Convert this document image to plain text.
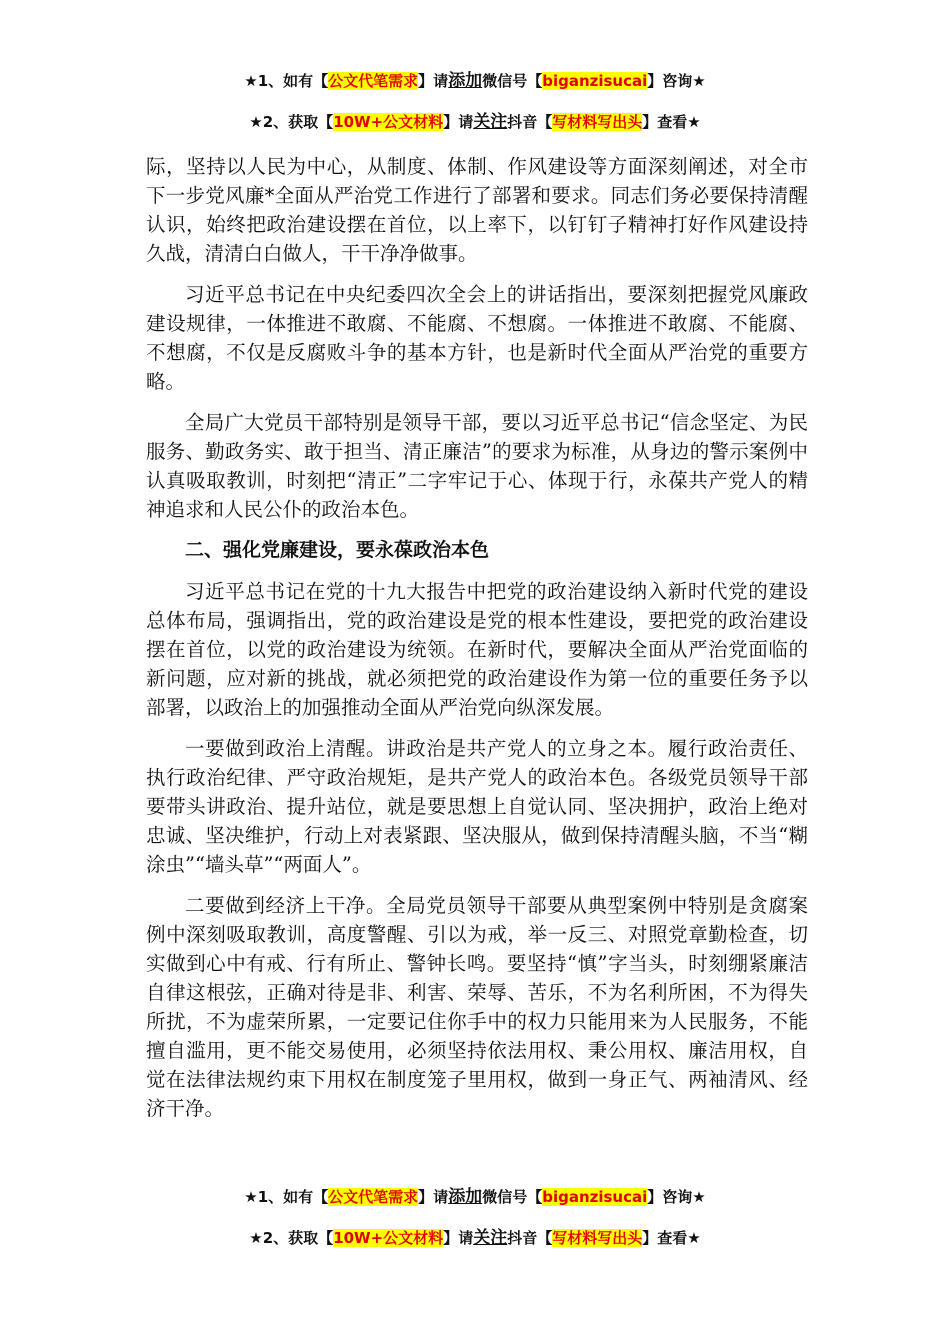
★1、如有【公文代笔需求】请添加微信号【biganzisucai】咨询★
★2、获取【10W+公文材料】请关注抖音【写材料写出头】查看★

际，坚持以人民为中心，从制度、体制、作风建设等方面深刻阐述，对全市下一步党风廉*全面从严治党工作进行了部署和要求。同志们务必要保持清醒认识，始终把政治建设摆在首位，以上率下，以钉钉子精神打好作风建设持久战，清清白白做人，干干净净做事。

习近平总书记在中央纪委四次全会上的讲话指出，要深刻把握党风廉政建设规律，一体推进不敢腐、不能腐、不想腐。一体推进不敢腐、不能腐、不想腐，不仅是反腐败斗争的基本方针，也是新时代全面从严治党的重要方略。

全局广大党员干部特别是领导干部，要以习近平总书记“信念坚定、为民服务、勤政务实、敢于担当、清正廉洁”的要求为标准，从身边的警示案例中认真吸取教训，时刻把“清正”二字牢记于心、体现于行，永葆共产党人的精神追求和人民公仆的政治本色。

二、强化党廉建设，要永葆政治本色

习近平总书记在党的十九大报告中把党的政治建设纳入新时代党的建设总体布局，强调指出，党的政治建设是党的根本性建设，要把党的政治建设摆在首位，以党的政治建设为统领。在新时代，要解决全面从严治党面临的新问题，应对新的挑战，就必须把党的政治建设作为第一位的重要任务予以部署，以政治上的加强推动全面从严治党向纵深发展。

一要做到政治上清醒。讲政治是共产党人的立身之本。履行政治责任、执行政治纪律、严守政治规矩，是共产党人的政治本色。各级党员领导干部要带头讲政治、提升站位，就是要思想上自觉认同、坚决拥护，政治上绝对忠诚、坚决维护，行动上对表紧跟、坚决服从，做到保持清醒头脑，不当“糊涂虫”“墙头草”“两面人”。

二要做到经济上干净。全局党员领导干部要从典型案例中特别是贪腐案例中深刻吸取教训，高度警醒、引以为戒，举一反三、对照党章勤检查，切实做到心中有戒、行有所止、警钟长鸣。要坚持“慎”字当头，时刻绷紧廉洁自律这根弦，正确对待是非、利害、荣辱、苦乐，不为名利所困，不为得失所扰，不为虚荣所累，一定要记住你手中的权力只能用来为人民服务，不能擅自滥用，更不能交易使用，必须坚持依法用权、秉公用权、廉洁用权，自觉在法律法规约束下用权在制度笼子里用权，做到一身正气、两袖清风、经济干净。

★1、如有【公文代笔需求】请添加微信号【biganzisucai】咨询★
★2、获取【10W+公文材料】请关注抖音【写材料写出头】查看★
